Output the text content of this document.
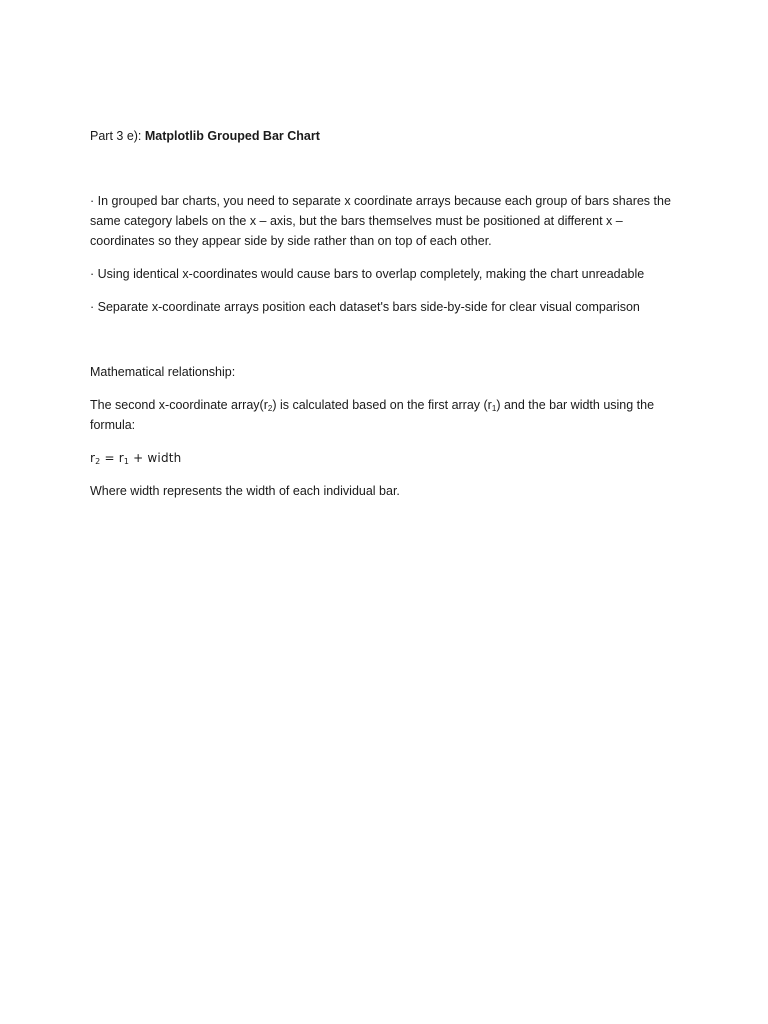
Part 3 e): Matplotlib Grouped Bar Chart

· In grouped bar charts, you need to separate x coordinate arrays because each group of bars shares the same category labels on the x – axis, but the bars themselves must be positioned at different x – coordinates so they appear side by side rather than on top of each other.

· Using identical x-coordinates would cause bars to overlap completely, making the chart unreadable

· Separate x-coordinate arrays position each dataset's bars side-by-side for clear visual comparison

Mathematical relationship:

The second x-coordinate $array(r_2)$ is calculated based on the first array $(r_1)$ and the bar width using the formula:

$r_2 = r_1$ + width

Where width represents the width of each individual bar.
